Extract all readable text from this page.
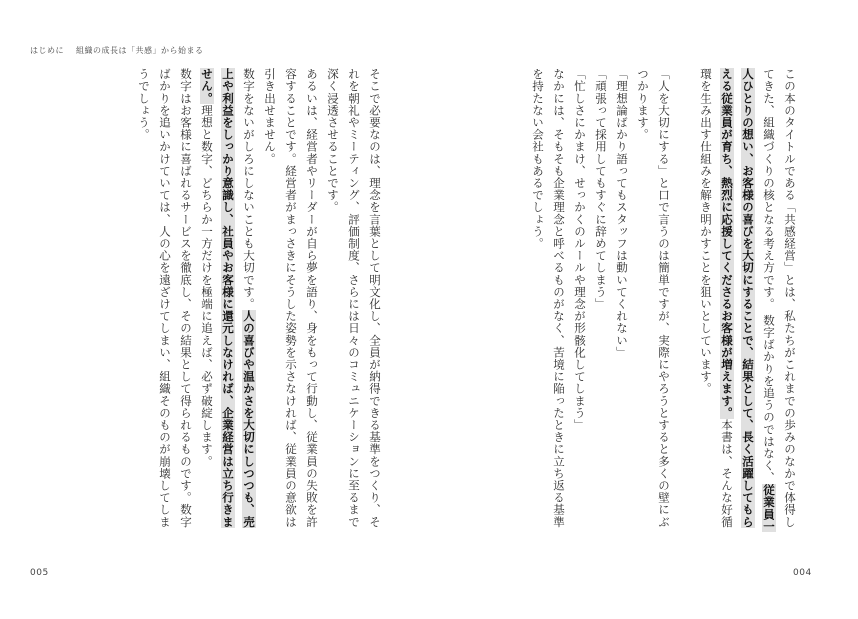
はじめに 組織の成長は「共感」から始まる

この本のタイトルである「共感経営」とは、私たちがこれまでの歩みのなかで体得してきた、組織づくりの核となる考え方です。 数字ばかりを追うのではなく、従業員一人ひとりの想い、お客様の喜びを大切にすることで、結果として、長く活躍してもらえる従業員が育ち、熱烈に応援してくださるお客様が増えます。本書は、そんな好循環を生み出す仕組みを解き明かすことを狙いとしています。

「人を大切にする」と口で言うのは簡単ですが、実際にやろうとすると多くの壁にぶつかります。

「理想論ばかり語ってもスタッフは動いてくれない」

「頑張って採用してもすぐに辞めてしまう」

「忙しさにかまけ、せっかくのルールや理念が形骸化してしまう」

なかには、そもそも企業理念と呼べるものがなく、苦境に陥ったときに立ち返る基準を持たない会社もあるでしょう。

004

そこで必要なのは、理念を言葉として明文化し、全員が納得できる基準をつくり、それを朝礼やミーティング、評価制度、さらには日々のコミュニケーションに至るまで深く浸透させることです。

あるいは、経営者やリーダーが自ら夢を語り、身をもって行動し、従業員の失敗を許容することです。経営者がまっさきにそうした姿勢を示さなければ、従業員の意欲は引き出せません。

数字をないがしろにしないことも大切です。人の喜びや温かさを大切にしつつも、売上や利益をしっかり意識し、社員やお客様に還元しなければ、企業経営は立ち行きません。理想と数字、どちらか一方だけを極端に追えば、必ず破綻します。

数字はお客様に喜ばれるサービスを徹底し、その結果として得られるものです。数字ばかりを追いかけていては、人の心を遠ざけてしまい、組織そのものが崩壊してしまうでしょう。

005
